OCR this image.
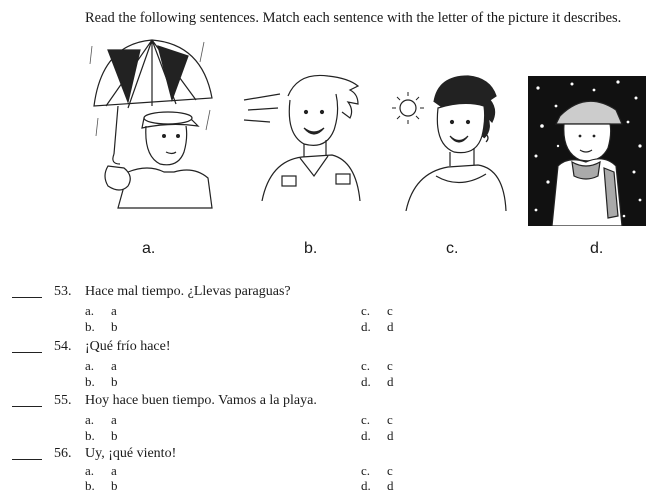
Read the following sentences. Match each sentence with the letter of the picture it describes.
a.	b.	c.	d.
53. Hace mal tiempo. ¿Llevas paraguas?
a. a
b. b
c. c
d. d
54. ¡Qué frío hace!
a. a
b. b
c. c
d. d
55. Hoy hace buen tiempo. Vamos a la playa.
a. a
b. b
c. c
d. d
56. Uy, ¡qué viento!
a. a
b. b
c. c
d. d
